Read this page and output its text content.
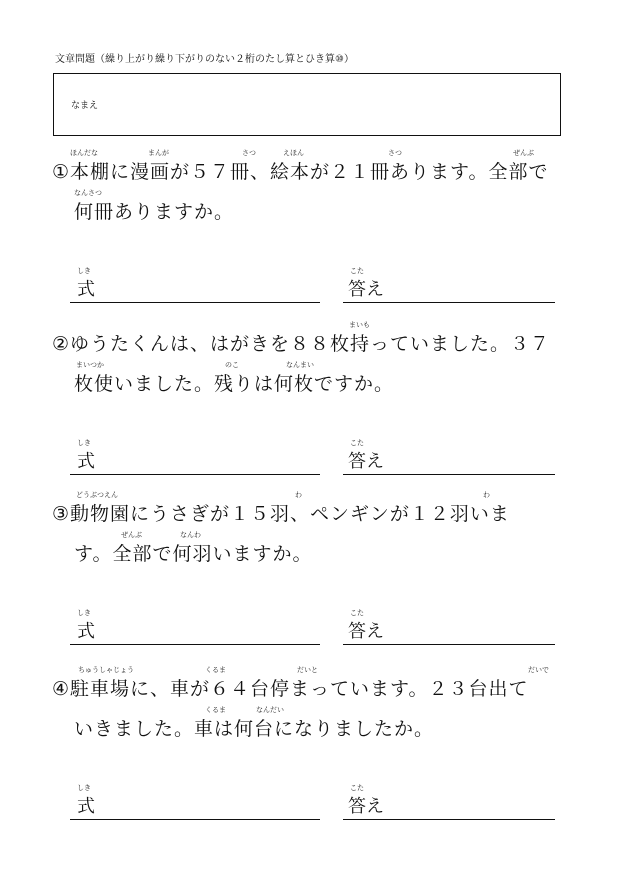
文章問題（繰り上がり繰り下がりのない２桁のたし算とひき算⑩）
なまえ
ほんだな	まんが	さつ	えほん	さつ	ぜんぶ
①本棚に漫画が５７冊、絵本が２１冊あります。全部で
なんさつ
何冊ありますか。
しき
式
こた
答え
まいも
②ゆうたくんは、はがきを８８枚持っていました。３７
まいつか	のこ	なんまい
枚使いました。残りは何枚ですか。
しき
式
こた
答え
どうぶつえん	わ	わ
③動物園にうさぎが１５羽、ペンギンが１２羽いま
ぜんぶ	なんわ
す。全部で何羽いますか。
しき
式
こた
答え
ちゅうしゃじょう	くるま	だいと	だいで
④駐車場に、車が６４台停まっています。２３台出て
くるま	なんだい
いきました。車は何台になりましたか。
しき
式
こた
答え
